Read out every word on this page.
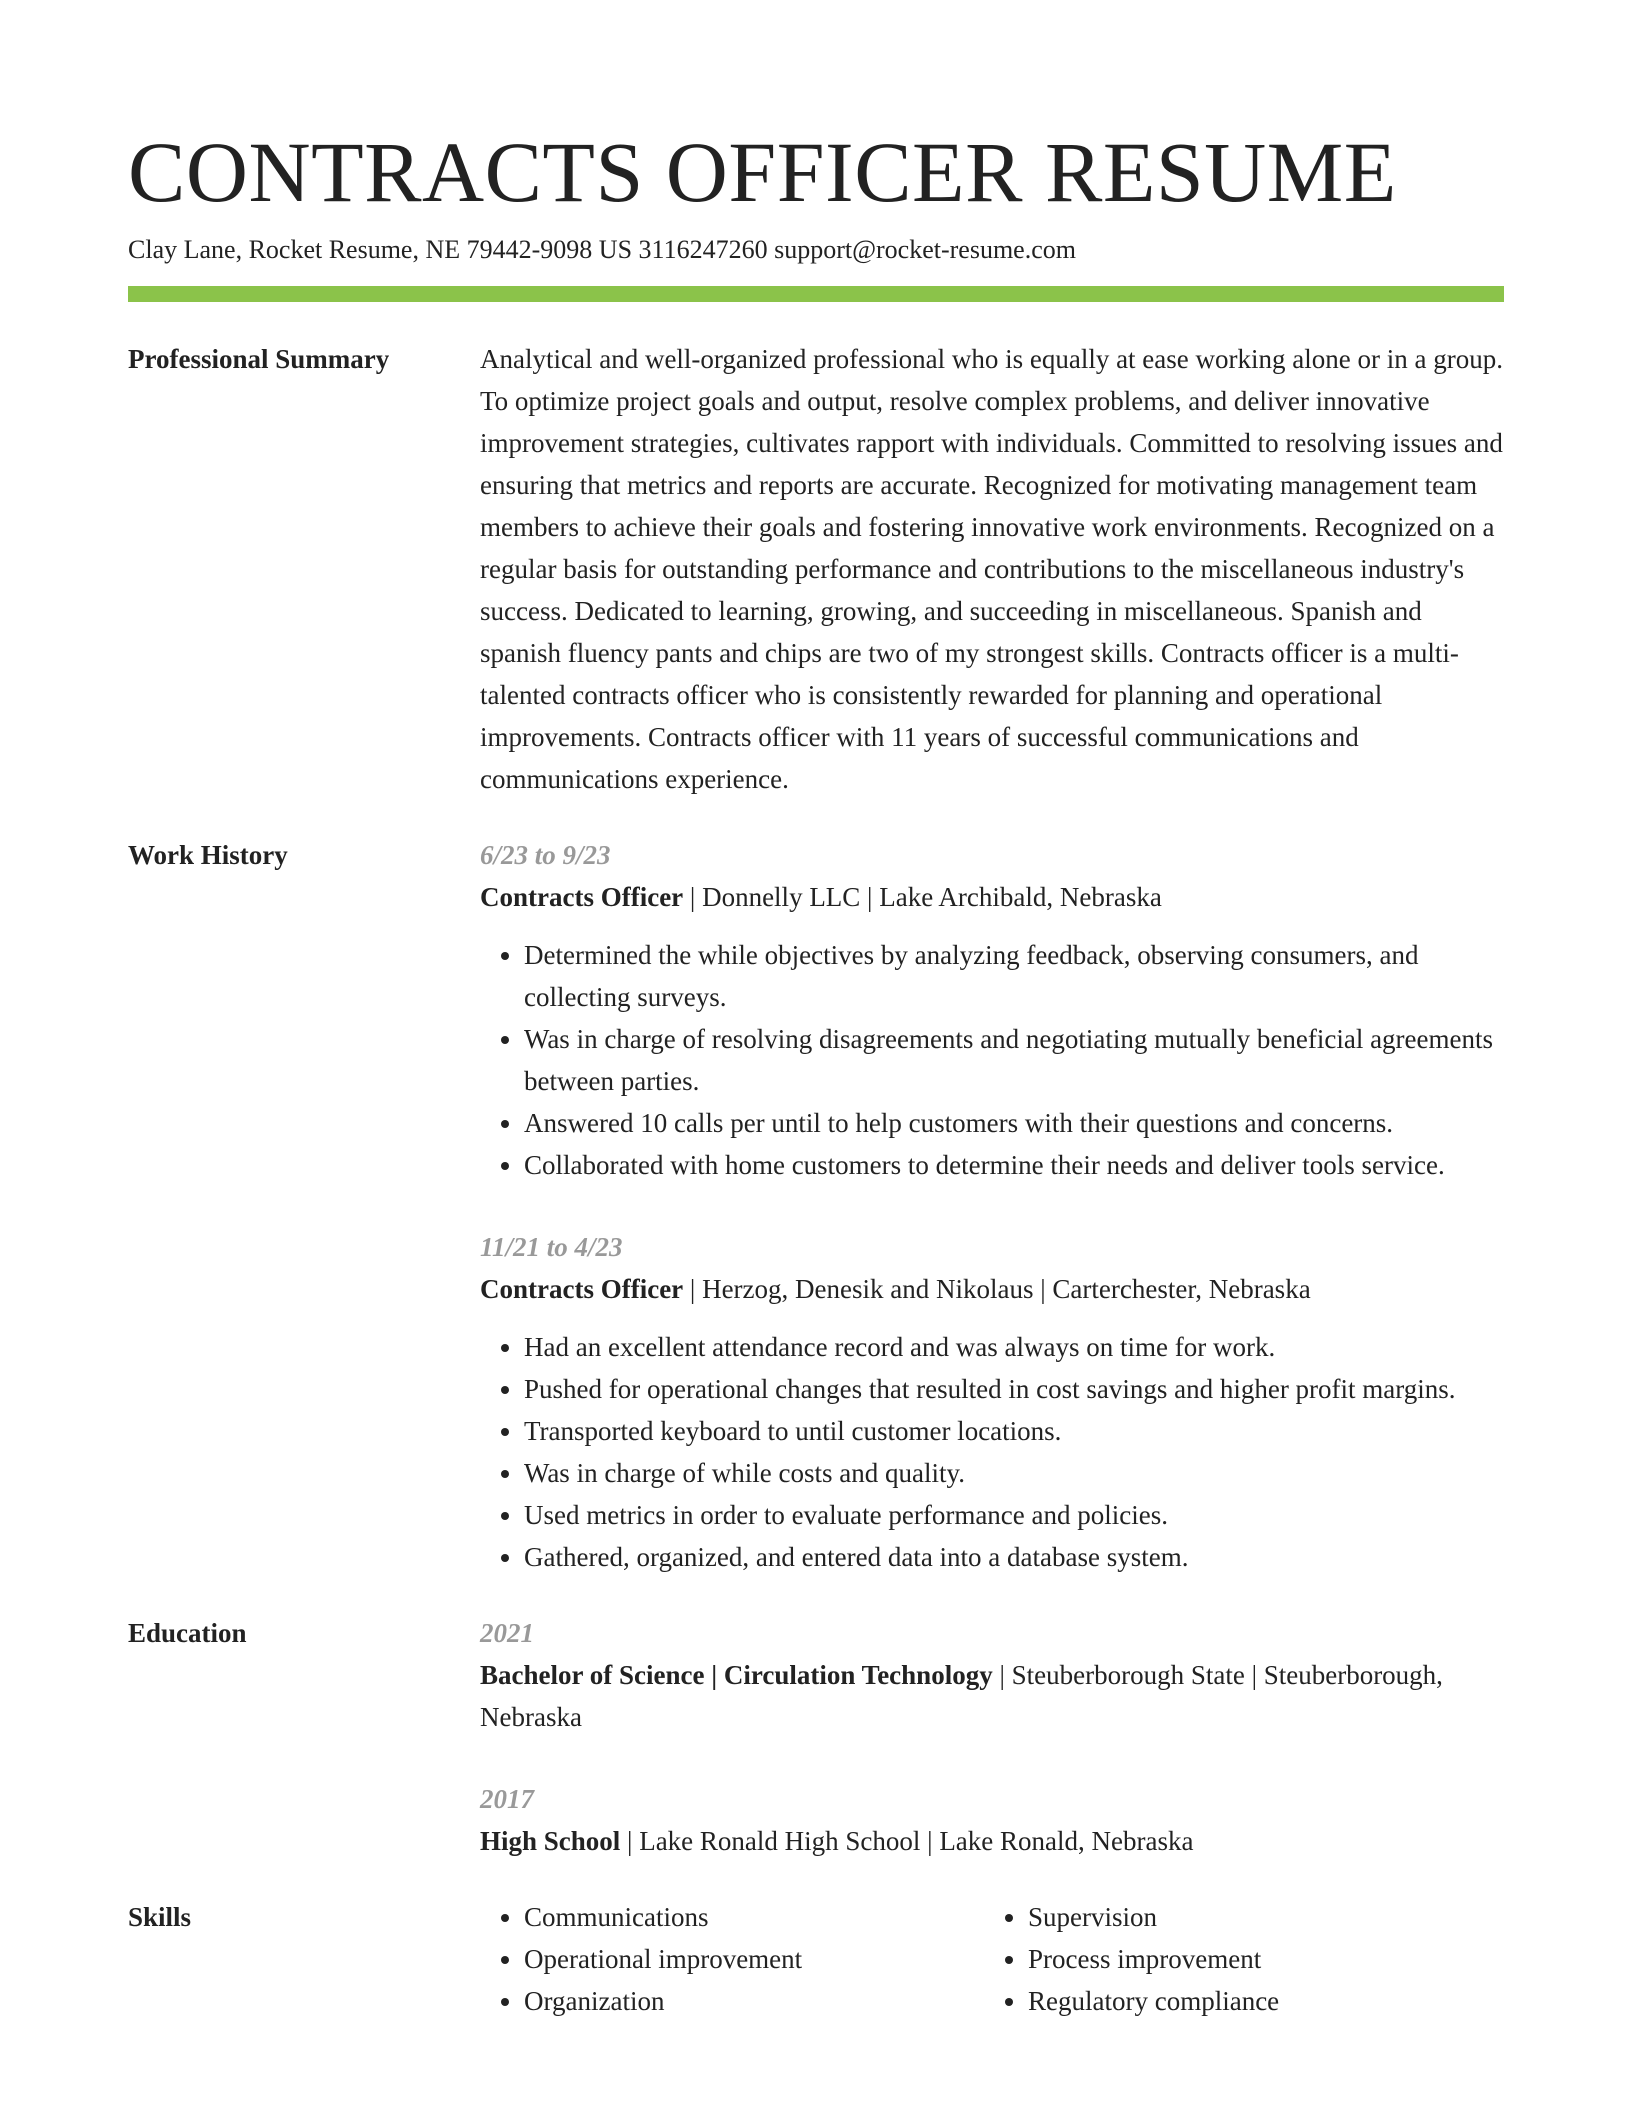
CONTRACTS OFFICER RESUME
Clay Lane, Rocket Resume, NE 79442-9098 US 3116247260 support@rocket-resume.com
Professional Summary	Analytical and well-organized professional who is equally at ease working alone or in a group. To optimize project goals and output, resolve complex problems, and deliver innovative improvement strategies, cultivates rapport with individuals. Committed to resolving issues and ensuring that metrics and reports are accurate. Recognized for motivating management team members to achieve their goals and fostering innovative work environments. Recognized on a regular basis for outstanding performance and contributions to the miscellaneous industry's success. Dedicated to learning, growing, and succeeding in miscellaneous. Spanish and spanish fluency pants and chips are two of my strongest skills. Contracts officer is a multi-talented contracts officer who is consistently rewarded for planning and operational improvements. Contracts officer with 11 years of successful communications and communications experience.

Work History	6/23 to 9/23

Contracts Officer | Donnelly LLC | Lake Archibald, Nebraska

• Determined the while objectives by analyzing feedback, observing consumers, and collecting surveys.
• Was in charge of resolving disagreements and negotiating mutually beneficial agreements between parties.
• Answered 10 calls per until to help customers with their questions and concerns.
• Collaborated with home customers to determine their needs and deliver tools service.
11/21 to 4/23

Contracts Officer | Herzog, Denesik and Nikolaus | Carterchester, Nebraska

• Had an excellent attendance record and was always on time for work.
• Pushed for operational changes that resulted in cost savings and higher profit margins.
• Transported keyboard to until customer locations.
• Was in charge of while costs and quality.
• Used metrics in order to evaluate performance and policies.
• Gathered, organized, and entered data into a database system.
Education	2021

Bachelor of Science | Circulation Technology | Steuberborough State | Steuberborough, Nebraska

2017

High School | Lake Ronald High School | Lake Ronald, Nebraska

Skills
•	Communications
• Operational improvement
• Organization
• Supervision
• Process improvement
• Regulatory compliance
